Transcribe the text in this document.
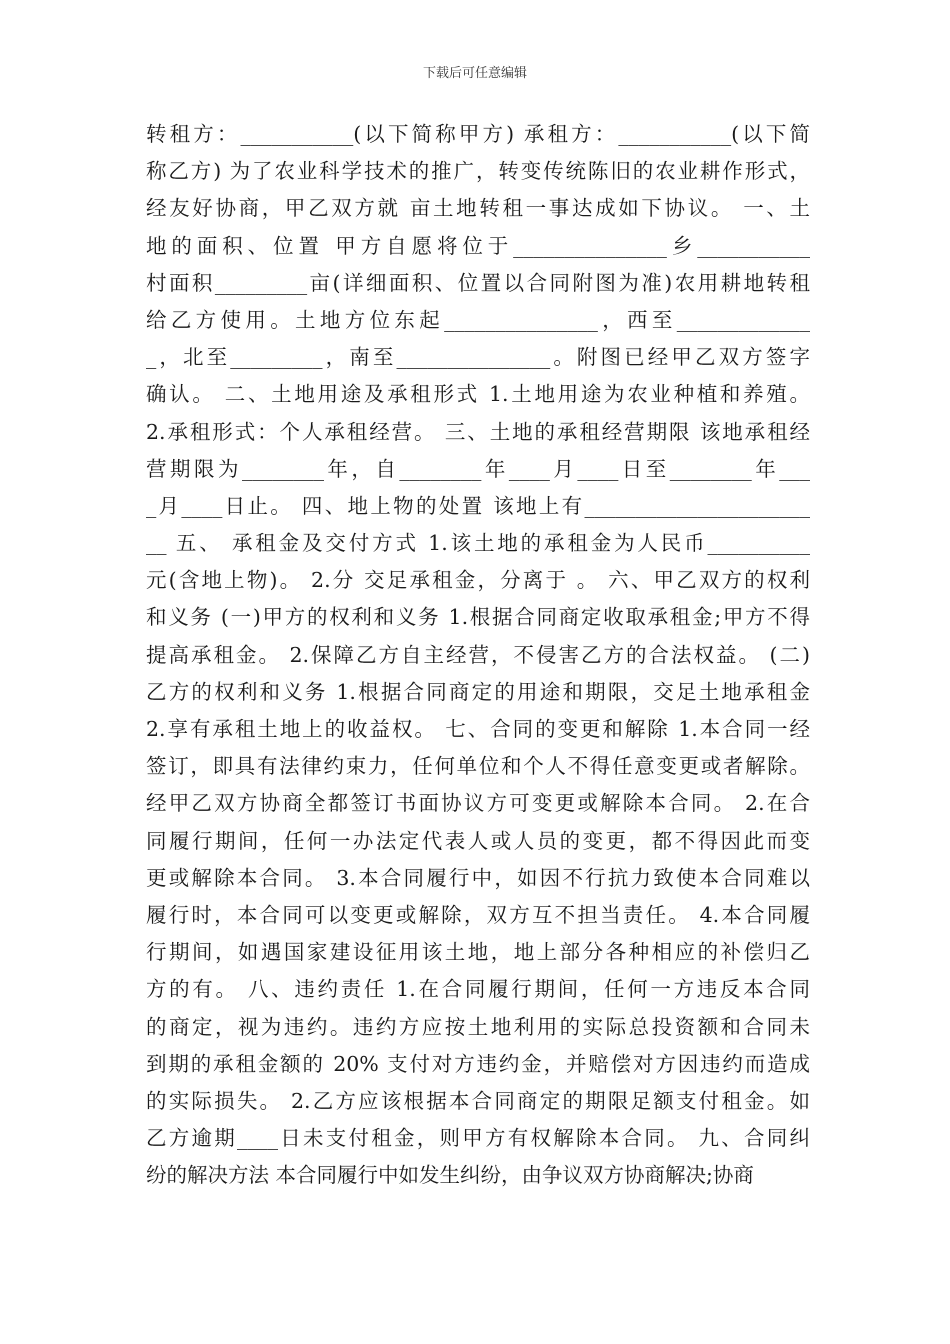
下载后可任意编辑
转租方：___________(以下简称甲方) 承租方：___________(以下简
称乙方) 为了农业科学技术的推广，转变传统陈旧的农业耕作形式，
经友好协商，甲乙双方就 亩土地转租一事达成如下协议。 一、土
地的面积、位置 甲方自愿将位于_______________乡___________
村面积_________亩(详细面积、位置以合同附图为准)农用耕地转租
给乙方使用。土地方位东起_______________，西至_____________
_，北至_________，南至_______________。附图已经甲乙双方签字
确认。 二、土地用途及承租形式 1.土地用途为农业种植和养殖。
2.承租形式：个人承租经营。 三、土地的承租经营期限 该地承租经
营期限为________年，自________年____月____日至________年___
_月____日止。 四、地上物的处置 该地上有______________________
__ 五、 承租金及交付方式 1.该土地的承租金为人民币__________
元(含地上物)。 2.分 交足承租金，分离于 。 六、甲乙双方的权利
和义务 (一)甲方的权利和义务 1.根据合同商定收取承租金;甲方不得
提高承租金。 2.保障乙方自主经营，不侵害乙方的合法权益。 (二)
乙方的权利和义务 1.根据合同商定的用途和期限，交足土地承租金
2.享有承租土地上的收益权。 七、合同的变更和解除 1.本合同一经
签订，即具有法律约束力，任何单位和个人不得任意变更或者解除。
经甲乙双方协商全都签订书面协议方可变更或解除本合同。 2.在合
同履行期间，任何一办法定代表人或人员的变更，都不得因此而变
更或解除本合同。 3.本合同履行中，如因不行抗力致使本合同难以
履行时，本合同可以变更或解除，双方互不担当责任。 4.本合同履
行期间，如遇国家建设征用该土地，地上部分各种相应的补偿归乙
方的有。 八、违约责任 1.在合同履行期间，任何一方违反本合同
的商定，视为违约。违约方应按土地利用的实际总投资额和合同未
到期的承租金额的 20% 支付对方违约金，并赔偿对方因违约而造成
的实际损失。 2.乙方应该根据本合同商定的期限足额支付租金。如
乙方逾期____日未支付租金，则甲方有权解除本合同。 九、合同纠
纷的解决方法 本合同履行中如发生纠纷，由争议双方协商解决;协商
